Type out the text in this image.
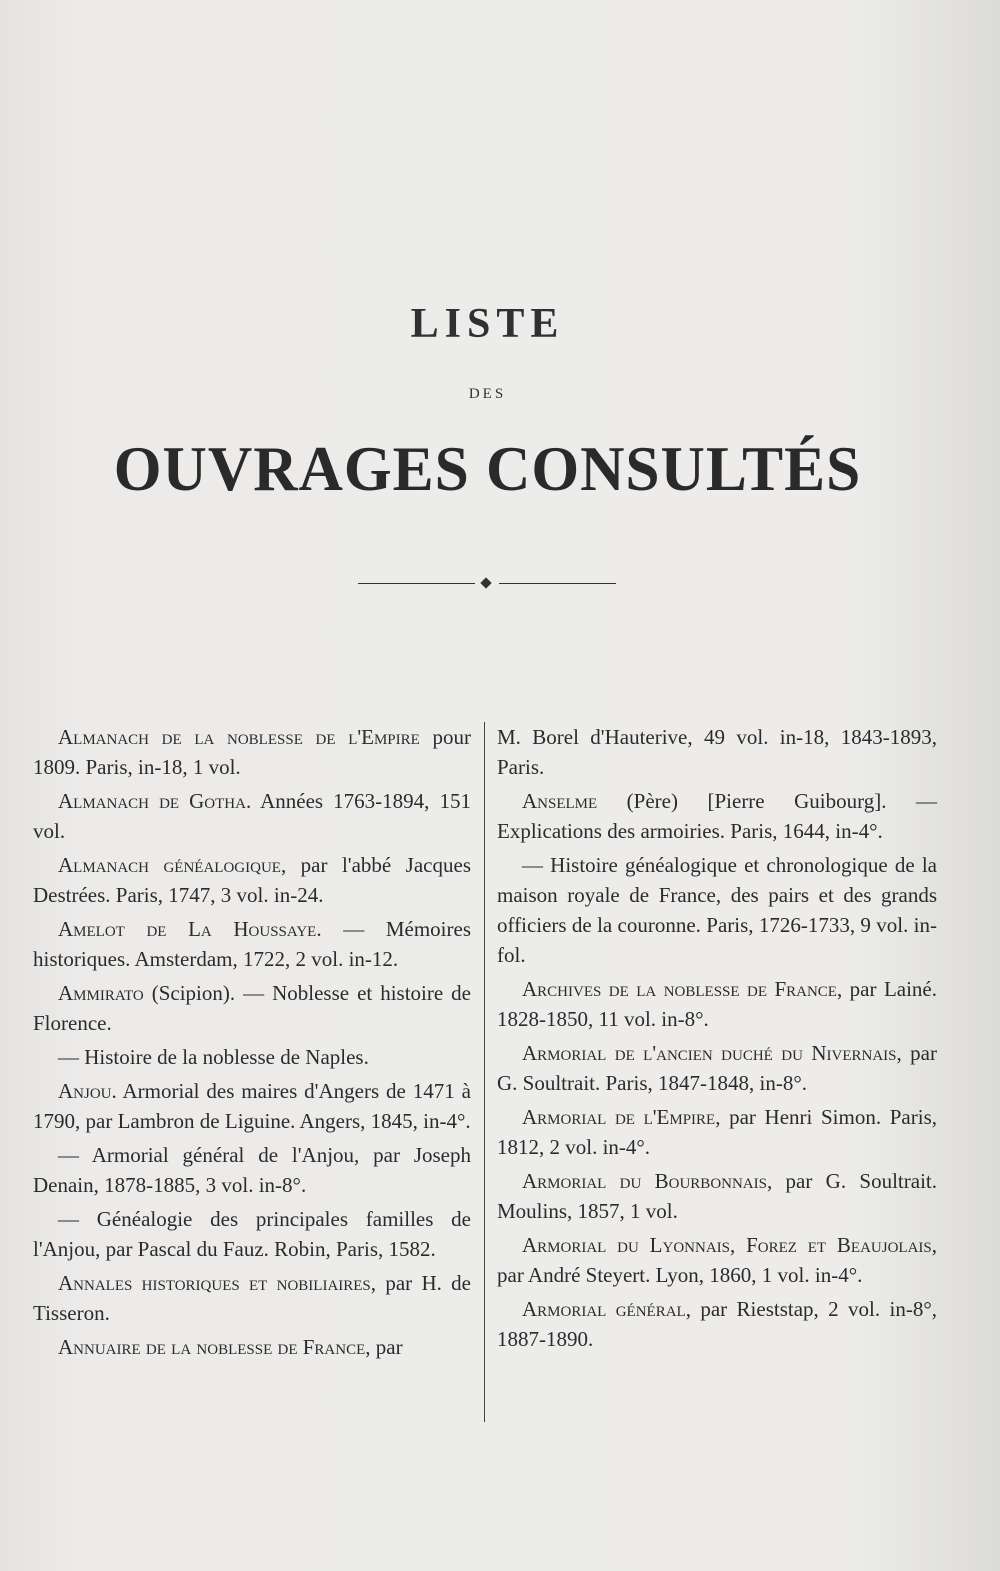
LISTE
DES
OUVRAGES CONSULTÉS

Almanach de la noblesse de l'Empire pour 1809. Paris, in-18, 1 vol.

Almanach de Gotha. Années 1763-1894, 151 vol.

Almanach généalogique, par l'abbé Jacques Destrées. Paris, 1747, 3 vol. in-24.

Amelot de La Houssaye. — Mémoires historiques. Amsterdam, 1722, 2 vol. in-12.

Ammirato (Scipion). — Noblesse et histoire de Florence.

— Histoire de la noblesse de Naples.

Anjou. Armorial des maires d'Angers de 1471 à 1790, par Lambron de Liguine. Angers, 1845, in-4°.

— Armorial général de l'Anjou, par Joseph Denain, 1878-1885, 3 vol. in-8°.

— Généalogie des principales familles de l'Anjou, par Pascal du Fauz. Robin, Paris, 1582.

Annales historiques et nobiliaires, par H. de Tisseron.

Annuaire de la noblesse de France, par

M. Borel d'Hauterive, 49 vol. in-18, 1843-1893, Paris.

Anselme (Père) [Pierre Guibourg]. — Explications des armoiries. Paris, 1644, in-4°.

— Histoire généalogique et chronologique de la maison royale de France, des pairs et des grands officiers de la couronne. Paris, 1726-1733, 9 vol. in-fol.

Archives de la noblesse de France, par Lainé. 1828-1850, 11 vol. in-8°.

Armorial de l'ancien duché du Nivernais, par G. Soultrait. Paris, 1847-1848, in-8°.

Armorial de l'Empire, par Henri Simon. Paris, 1812, 2 vol. in-4°.

Armorial du Bourbonnais, par G. Soultrait. Moulins, 1857, 1 vol.

Armorial du Lyonnais, Forez et Beaujolais, par André Steyert. Lyon, 1860, 1 vol. in-4°.

Armorial général, par Rieststap, 2 vol. in-8°, 1887-1890.
